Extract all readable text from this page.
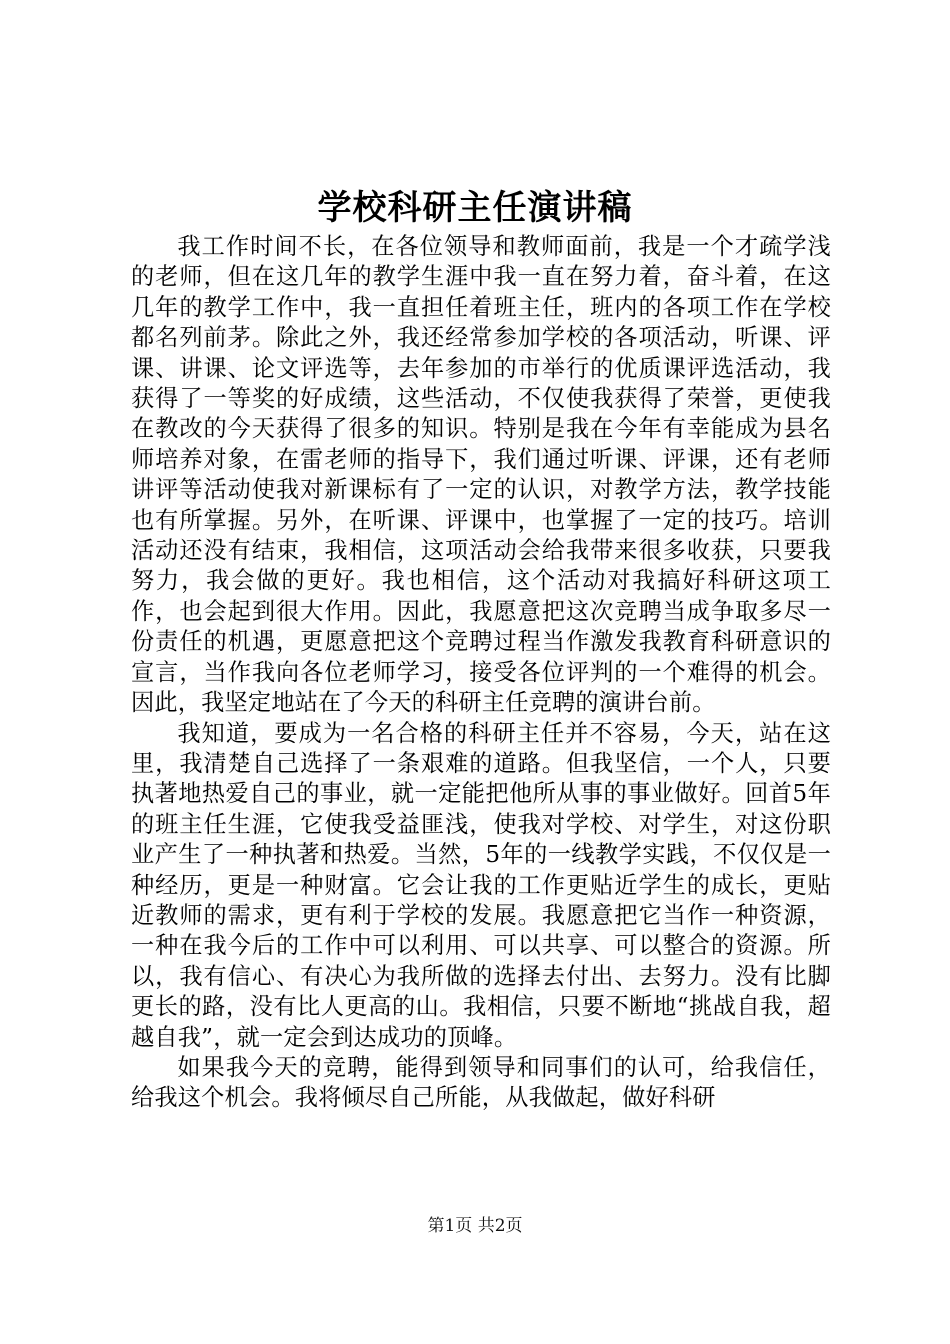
学校科研主任演讲稿

我工作时间不长，在各位领导和教师面前，我是一个才疏学浅的老师，但在这几年的教学生涯中我一直在努力着，奋斗着，在这几年的教学工作中，我一直担任着班主任，班内的各项工作在学校都名列前茅。除此之外，我还经常参加学校的各项活动，听课、评课、讲课、论文评选等，去年参加的市举行的优质课评选活动，我获得了一等奖的好成绩，这些活动，不仅使我获得了荣誉，更使我在教改的今天获得了很多的知识。特别是我在今年有幸能成为县名师培养对象，在雷老师的指导下，我们通过听课、评课，还有老师讲评等活动使我对新课标有了一定的认识，对教学方法，教学技能也有所掌握。另外，在听课、评课中，也掌握了一定的技巧。培训活动还没有结束，我相信，这项活动会给我带来很多收获，只要我努力，我会做的更好。我也相信，这个活动对我搞好科研这项工作，也会起到很大作用。因此，我愿意把这次竞聘当成争取多尽一份责任的机遇，更愿意把这个竞聘过程当作激发我教育科研意识的宣言，当作我向各位老师学习，接受各位评判的一个难得的机会。因此，我坚定地站在了今天的科研主任竞聘的演讲台前。

我知道，要成为一名合格的科研主任并不容易，今天，站在这里，我清楚自己选择了一条艰难的道路。但我坚信，一个人，只要执著地热爱自己的事业，就一定能把他所从事的事业做好。回首5年的班主任生涯，它使我受益匪浅，使我对学校、对学生，对这份职业产生了一种执著和热爱。当然，5年的一线教学实践，不仅仅是一种经历，更是一种财富。它会让我的工作更贴近学生的成长，更贴近教师的需求，更有利于学校的发展。我愿意把它当作一种资源，一种在我今后的工作中可以利用、可以共享、可以整合的资源。所以，我有信心、有决心为我所做的选择去付出、去努力。没有比脚更长的路，没有比人更高的山。我相信，只要不断地“挑战自我，超越自我”，就一定会到达成功的顶峰。

如果我今天的竞聘，能得到领导和同事们的认可，给我信任，给我这个机会。我将倾尽自己所能，从我做起，做好科研

第1页 共2页
